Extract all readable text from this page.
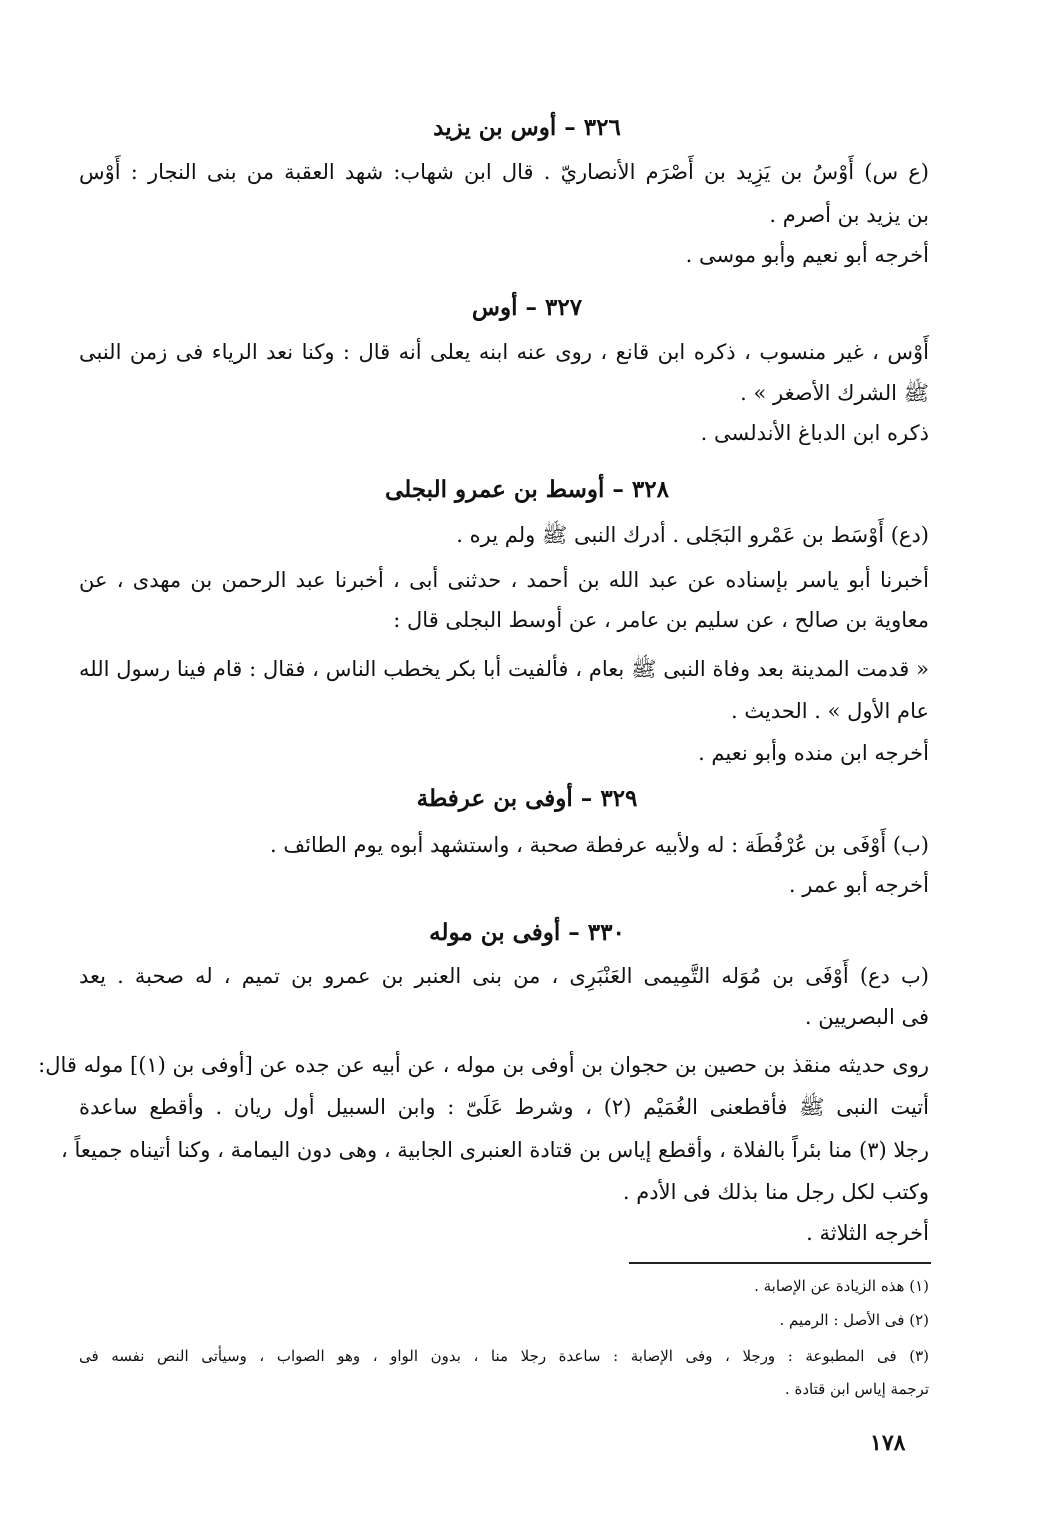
٣٢٦ – أوس بن يزيد
(ع س) أَوْسُ بن يَزِيد بن أَصْرَم الأنصاريّ . قال ابن شهاب: شهد العقبة من بنى النجار : أَوْس
بن يزيد بن أصرم .
أخرجه أبو نعيم وأبو موسى .
٣٢٧ – أوس
أَوْس ، غير منسوب ، ذكره ابن قانع ، روى عنه ابنه يعلى أنه قال : وكنا نعد الرياء فى زمن النبى
ﷺ الشرك الأصغر » .
ذكره ابن الدباغ الأندلسى .
٣٢٨ – أوسط بن عمرو البجلى
(دع) أَوْسَط بن عَمْرو البَجَلى . أدرك النبى ﷺ ولم يره .
أخبرنا أبو ياسر بإسناده عن عبد الله بن أحمد ، حدثنى أبى ، أخبرنا عبد الرحمن بن مهدى ، عن
معاوية بن صالح ، عن سليم بن عامر ، عن أوسط البجلى قال :
« قدمت المدينة بعد وفاة النبى ﷺ بعام ، فألفيت أبا بكر يخطب الناس ، فقال : قام فينا رسول الله
عام الأول » . الحديث .
أخرجه ابن منده وأبو نعيم .
٣٢٩ – أوفى بن عرفطة
(ب) أَوْفَى بن عُرْفُطَة : له ولأبيه عرفطة صحبة ، واستشهد أبوه يوم الطائف .
أخرجه أبو عمر .
٣٣٠ – أوفى بن موله
(ب دع) أَوْفَى بن مُوَله التَّمِيمى العَنْبَرِى ، من بنى العنبر بن عمرو بن تميم ، له صحبة . يعد
فى البصريين .
روى حديثه منقذ بن حصين بن حجوان بن أوفى بن موله ، عن أبيه عن جده عن [أوفى بن (١)] موله قال:
أتيت النبى ﷺ فأقطعنى الغُمَيْم (٢) ، وشرط عَلَىّ : وابن السبيل أول ريان . وأقطع ساعدة
رجلا (٣) منا بئراً بالفلاة ، وأقطع إياس بن قتادة العنبرى الجابية ، وهى دون اليمامة ، وكنا أتيناه جميعاً ،
وكتب لكل رجل منا بذلك فى الأدم .
أخرجه الثلاثة .
(١) هذه الزيادة عن الإصابة .
(٢) فى الأصل : الرميم .
(٣) فى المطبوعة : ورجلا ، وفى الإصابة : ساعدة رجلا منا ، بدون الواو ، وهو الصواب ، وسيأتى النص نفسه فى
ترجمة إياس ابن قتادة .
١٧٨
